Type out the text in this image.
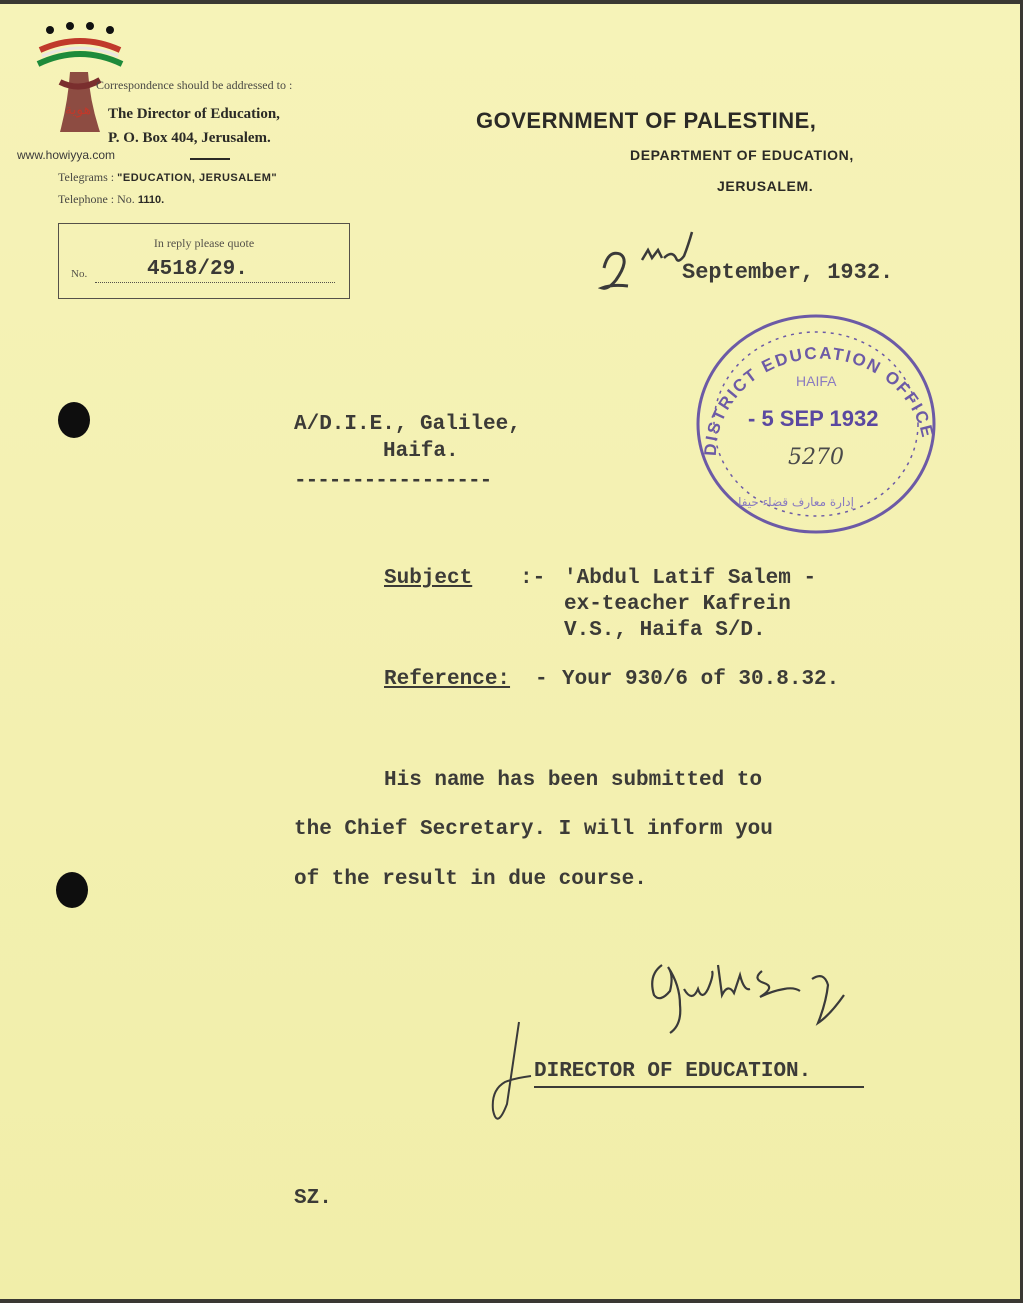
هوية
www.howiyya.com
Correspondence should be addressed to :
The Director of Education,
P. O. Box 404, Jerusalem.
Telegrams : "EDUCATION, JERUSALEM"
Telephone : No. 1110.
In reply please quote
No.	4518/29.
GOVERNMENT OF PALESTINE,
DEPARTMENT OF EDUCATION,
JERUSALEM.
September, 1932.
DISTRICT EDUCATION OFFICE
HAIFA
- 5 SEP 1932
5270
إدارة معارف قضاء حيفا
A/D.I.E., Galilee,
Haifa.
-----------------
Subject :- 'Abdul Latif Salem -
ex-teacher Kafrein
V.S., Haifa S/D.
Reference: - Your 930/6 of 30.8.32.
His name has been submitted to
the Chief Secretary. I will inform you
of the result in due course.
DIRECTOR OF EDUCATION.
SZ.
